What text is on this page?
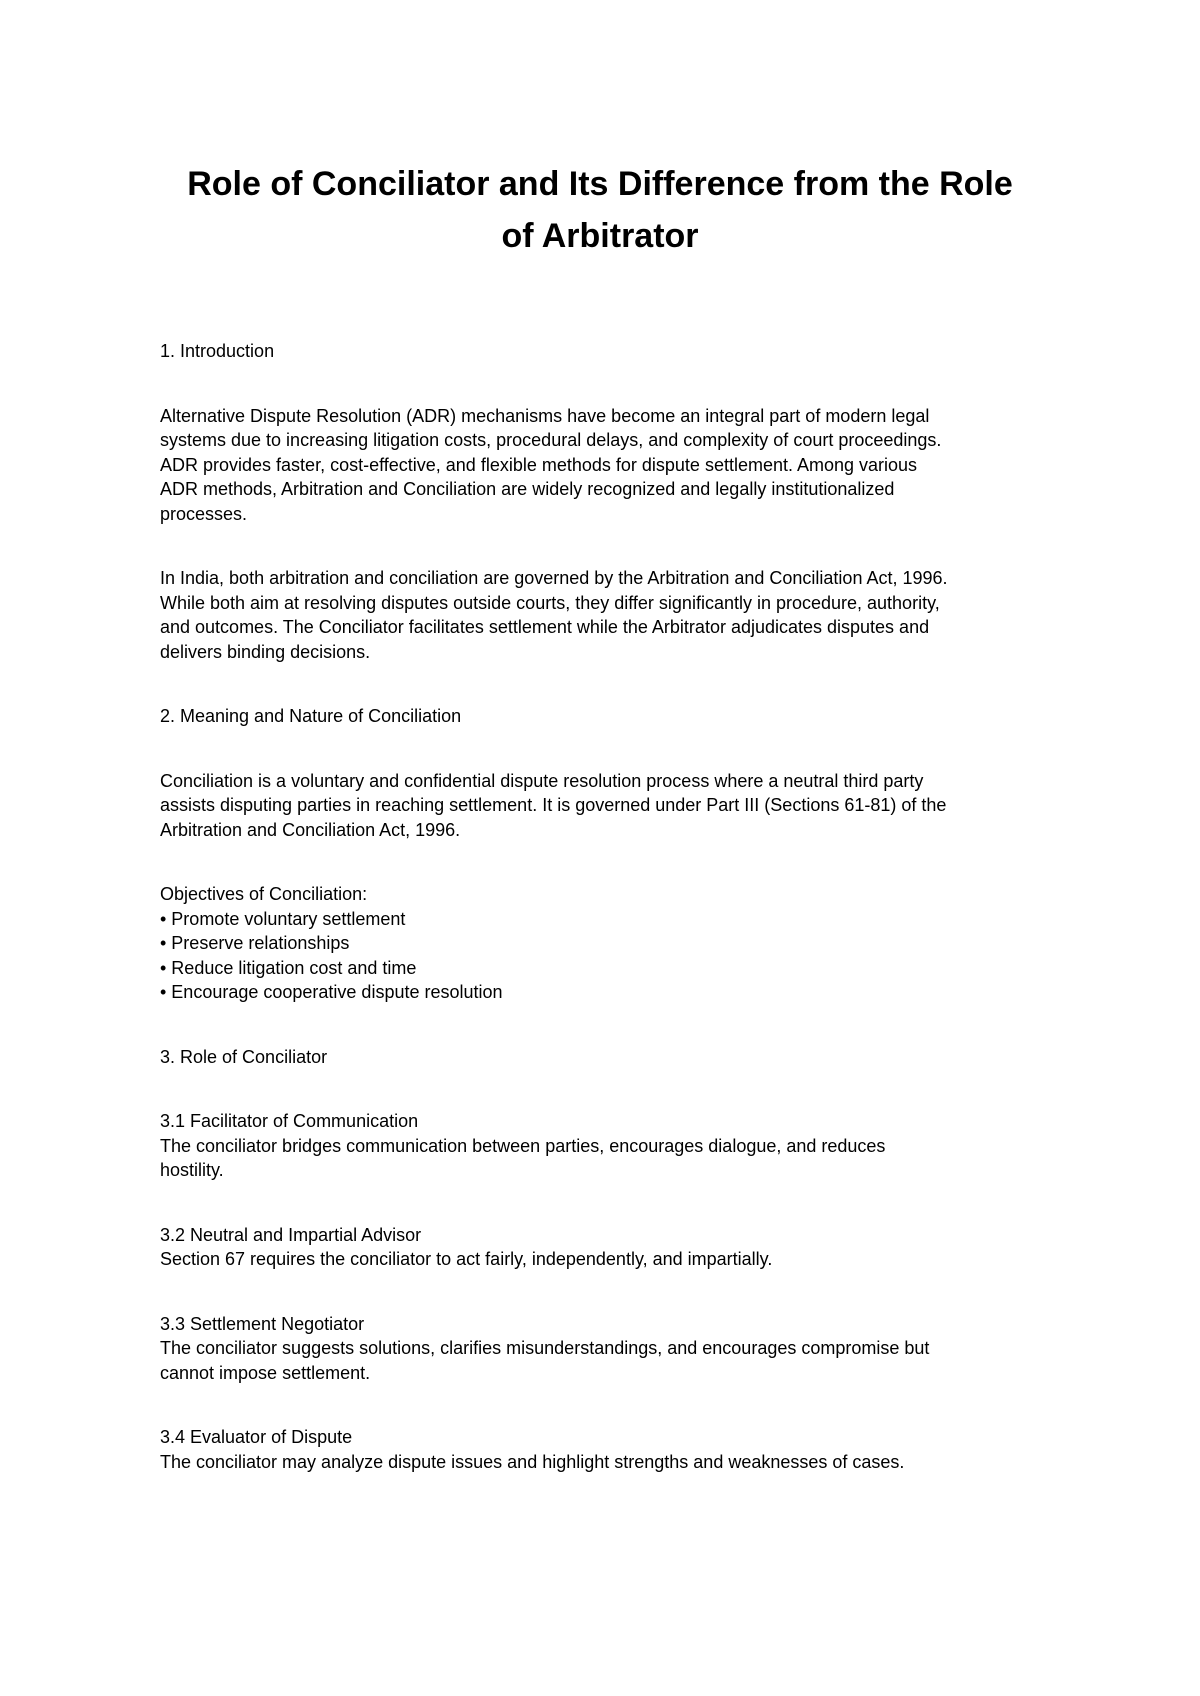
Role of Conciliator and Its Difference from the Role
of Arbitrator

1. Introduction

Alternative Dispute Resolution (ADR) mechanisms have become an integral part of modern legal
systems due to increasing litigation costs, procedural delays, and complexity of court proceedings.
ADR provides faster, cost-effective, and flexible methods for dispute settlement. Among various
ADR methods, Arbitration and Conciliation are widely recognized and legally institutionalized
processes.

In India, both arbitration and conciliation are governed by the Arbitration and Conciliation Act, 1996.
While both aim at resolving disputes outside courts, they differ significantly in procedure, authority,
and outcomes. The Conciliator facilitates settlement while the Arbitrator adjudicates disputes and
delivers binding decisions.

2. Meaning and Nature of Conciliation

Conciliation is a voluntary and confidential dispute resolution process where a neutral third party
assists disputing parties in reaching settlement. It is governed under Part III (Sections 61-81) of the
Arbitration and Conciliation Act, 1996.

Objectives of Conciliation:

• Promote voluntary settlement
• Preserve relationships
• Reduce litigation cost and time
• Encourage cooperative dispute resolution

3. Role of Conciliator

3.1 Facilitator of Communication

The conciliator bridges communication between parties, encourages dialogue, and reduces
hostility.

3.2 Neutral and Impartial Advisor

Section 67 requires the conciliator to act fairly, independently, and impartially.

3.3 Settlement Negotiator

The conciliator suggests solutions, clarifies misunderstandings, and encourages compromise but
cannot impose settlement.

3.4 Evaluator of Dispute

The conciliator may analyze dispute issues and highlight strengths and weaknesses of cases.
